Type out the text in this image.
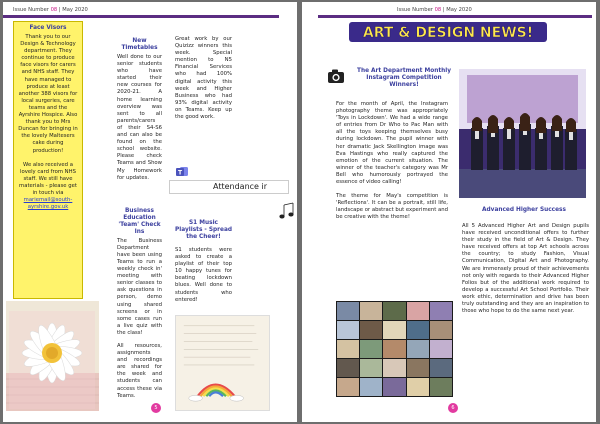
Issue Number 08 | May 2020
Face Visors

Thank you to our Design & Technology department. They continue to produce face visors for carers and NHS staff. They have managed to produce at least another 388 visors for local surgeries, care teams and the Ayrshire Hospice. Also thank you to Mrs Duncan for bringing in the lovely Maltesers cake during production!

We also received a lovely card from NHS staff. We still have materials - please get in touch via mariemail@south-ayrshire.gov.uk

New Timetables

Well done to our senior students who have started their new courses for 2020-21. A home learning overview was sent to all parents/carers of their S4-S6 and can also be found on the school website. Please check Teams and Show My Homework for updates.

Business Education 'Team' Check Ins

The Business Department have been using Teams to run a weekly check in' meeting with senior classes to ask questions in person, demo using shared screens or in some cases run a live quiz with the class!

All resources, assignments and recordings are shared for the week and students can access these via Teams.

T

Great work by our Quizizz winners this week. Special mention to N5 Financial Services who had 100% digital activity this week and Higher Business who had 93% digital activity on Teams. Keep up the good work.

Attendance ir
S1 Music Playlists - Spread the Cheer!

S1 students were asked to create a playlist of their top 10 happy tunes for beating lockdown blues. Well done to students who entered!

5
Issue Number 08 | May 2020
ART & DESIGN NEWS!
The Art Department Monthly Instagram Competition Winners!

For the month of April, the Instagram photography theme was appropriately 'Toys in Lockdown'. We had a wide range of entries from Dr Who to Pac Man with all the toys keeping themselves busy during lockdown. The pupil winner with her dramatic Jack Skellington image was Eva Hastings who really captured the emotion of the current situation. The winner of the teacher's category was Mr Bell who humorously portrayed the essence of video calling!

The theme for May's competition is 'Reflections'. It can be a portrait, still life, landscape or abstract but experiment and be creative with the theme!

Advanced Higher Success

All 5 Advanced Higher Art and Design pupils have received unconditional offers to further their study in the field of Art & Design. They have received offers at top Art schools across the country; to study Fashion, Visual Communication, Digital Art and Photography. We are immensely proud of their achievements not only with regards to their Advanced Higher Folios but of the additional work required to develop a successful Art School Portfolio. Their work ethic, determination and drive has been truly outstanding and they are an inspiration to those who hope to do the same next year.

6
